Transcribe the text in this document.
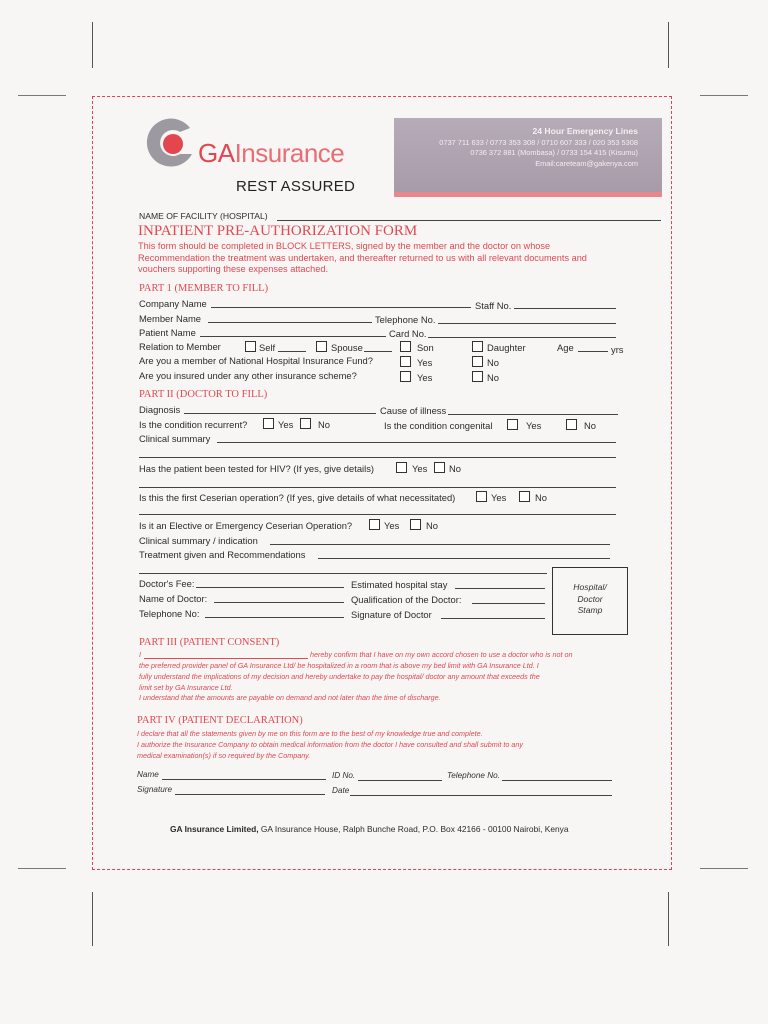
GAInsurance
REST ASSURED
24 Hour Emergency Lines
0737 711 633 / 0773 353 308 / 0710 607 333 / 020 353 5308
0736 372 881 (Mombasa) / 0733 154 415 (Kisumu)
Email:careteam@gakenya.com
NAME OF FACILITY (HOSPITAL)
INPATIENT PRE-AUTHORIZATION FORM
This form should be completed in BLOCK LETTERS, signed by the member and the doctor on whose Recommendation the treatment was undertaken, and thereafter returned to us with all relevant documents and vouchers supporting these expenses attached.
PART 1 (MEMBER TO FILL)
Company Name	Staff No.
Member Name	Telephone No.
Patient Name	Card No.
Relation to Member	Self	Spouse	Son	Daughter	Age	yrs
Are you a member of National Hospital Insurance Fund?	Yes	No
Are you insured under any other insurance scheme?	Yes	No
PART II (DOCTOR TO FILL)
Diagnosis	Cause of illness
Is the condition recurrent?	Yes	No	Is the condition congenital	Yes	No
Clinical summary
Has the patient been tested for HIV? (If yes, give details)	Yes No
Is this the first Ceserian operation? (If yes, give details of what necessitated)	Yes	No
Is it an Elective or Emergency Ceserian Operation?	Yes	No
Clinical summary / indication
Treatment given and Recommendations
Doctor's Fee:	Estimated hospital stay
Name of Doctor:	Qualification of the Doctor:
Telephone No:	Signature of Doctor
Hospital/
Doctor
Stamp
PART III (PATIENT CONSENT)
I	hereby confirm that I have on my own accord chosen to use a doctor who is not on
the preferred provider panel of GA Insurance Ltd/ be hospitalized in a room that is above my bed limit with GA Insurance Ltd. I
fully understand the implications of my decision and hereby undertake to pay the hospital/ doctor any amount that exceeds the
limit set by GA Insurance Ltd.
I understand that the amounts are payable on demand and not later than the time of discharge.
PART IV (PATIENT DECLARATION)
I declare that all the statements given by me on this form are to the best of my knowledge true and complete.
I authorize the Insurance Company to obtain medical information from the doctor I have consulted and shall submit to any
medical examination(s) if so required by the Company.
Name	ID No.	Telephone No.
Signature	Date
GA Insurance Limited, GA Insurance House, Ralph Bunche Road, P.O. Box 42166 - 00100 Nairobi, Kenya
